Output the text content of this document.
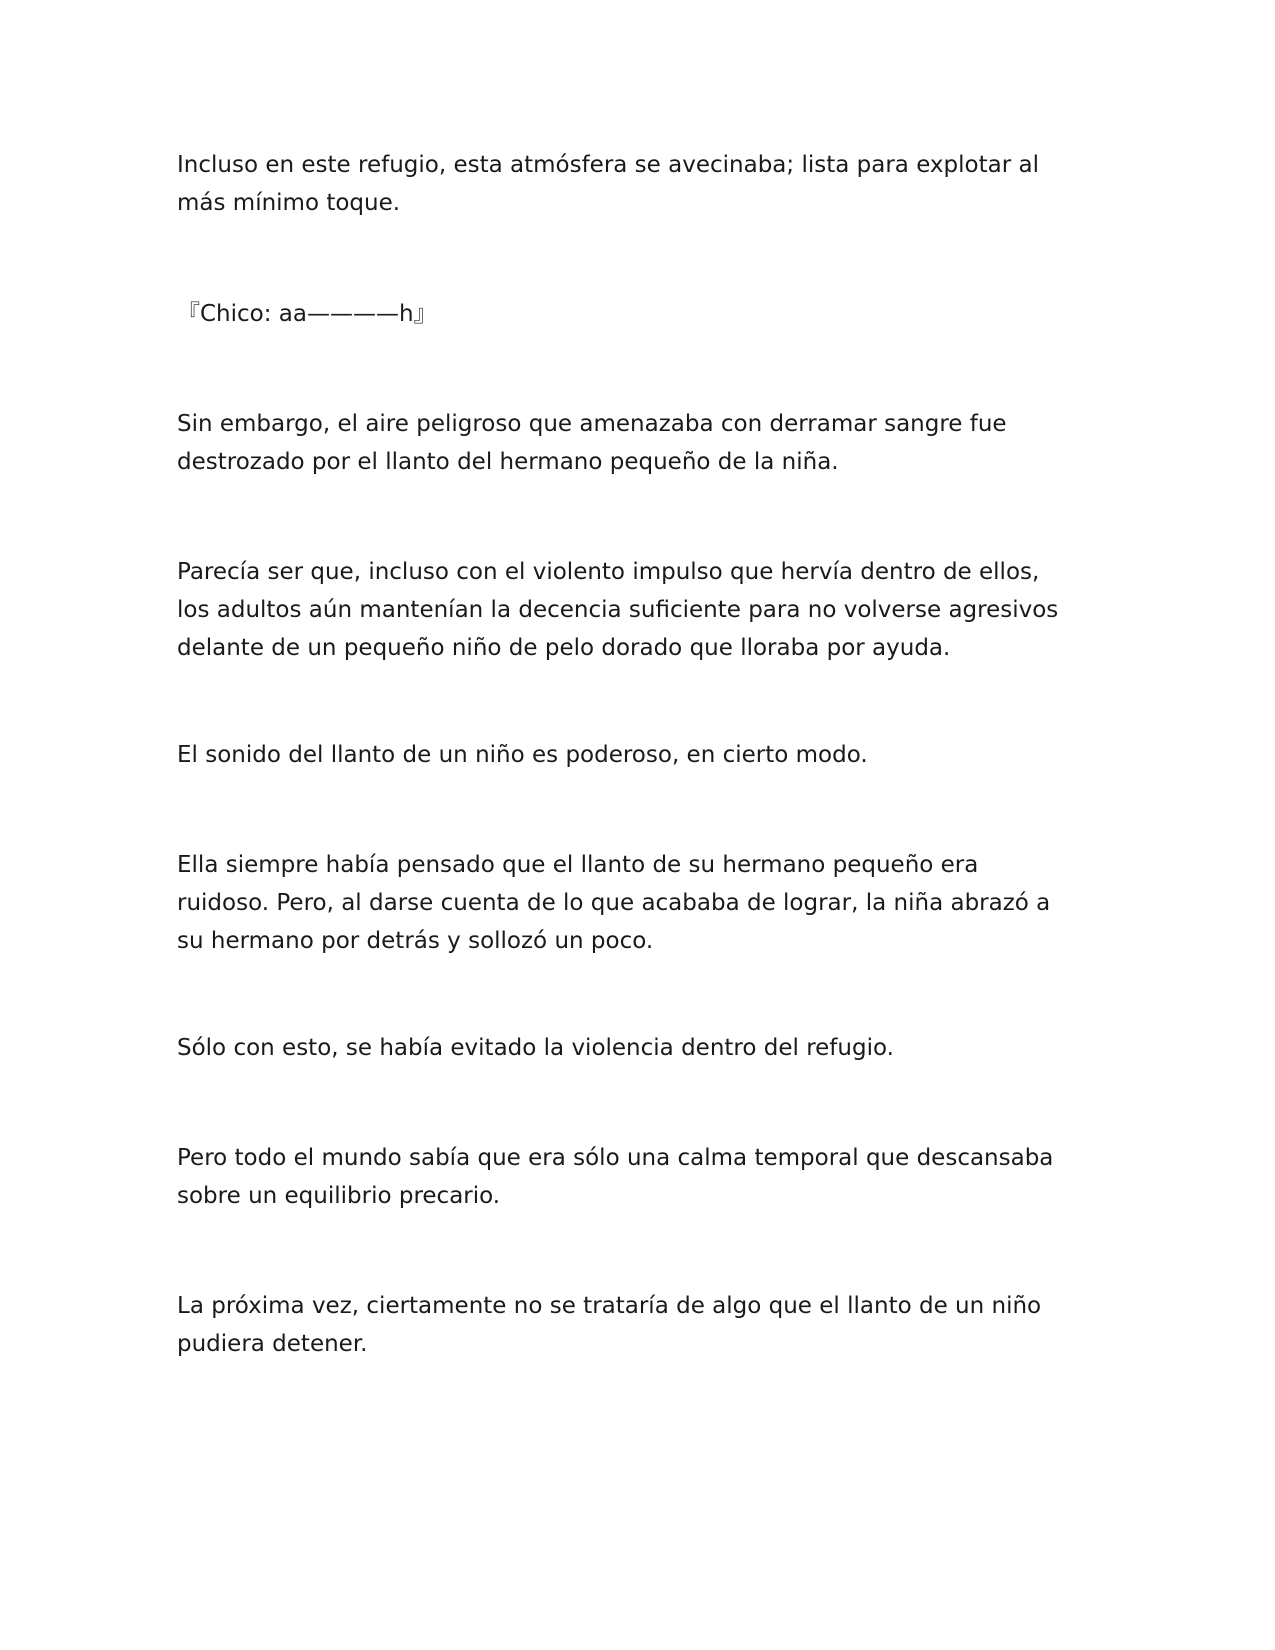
Incluso en este refugio, esta atmósfera se avecinaba; lista para explotar al
más mínimo toque.

『Chico: aa————h』

Sin embargo, el aire peligroso que amenazaba con derramar sangre fue
destrozado por el llanto del hermano pequeño de la niña.

Parecía ser que, incluso con el violento impulso que hervía dentro de ellos,
los adultos aún mantenían la decencia suficiente para no volverse agresivos
delante de un pequeño niño de pelo dorado que lloraba por ayuda.

El sonido del llanto de un niño es poderoso, en cierto modo.

Ella siempre había pensado que el llanto de su hermano pequeño era
ruidoso. Pero, al darse cuenta de lo que acababa de lograr, la niña abrazó a
su hermano por detrás y sollozó un poco.

Sólo con esto, se había evitado la violencia dentro del refugio.

Pero todo el mundo sabía que era sólo una calma temporal que descansaba
sobre un equilibrio precario.

La próxima vez, ciertamente no se trataría de algo que el llanto de un niño
pudiera detener.
